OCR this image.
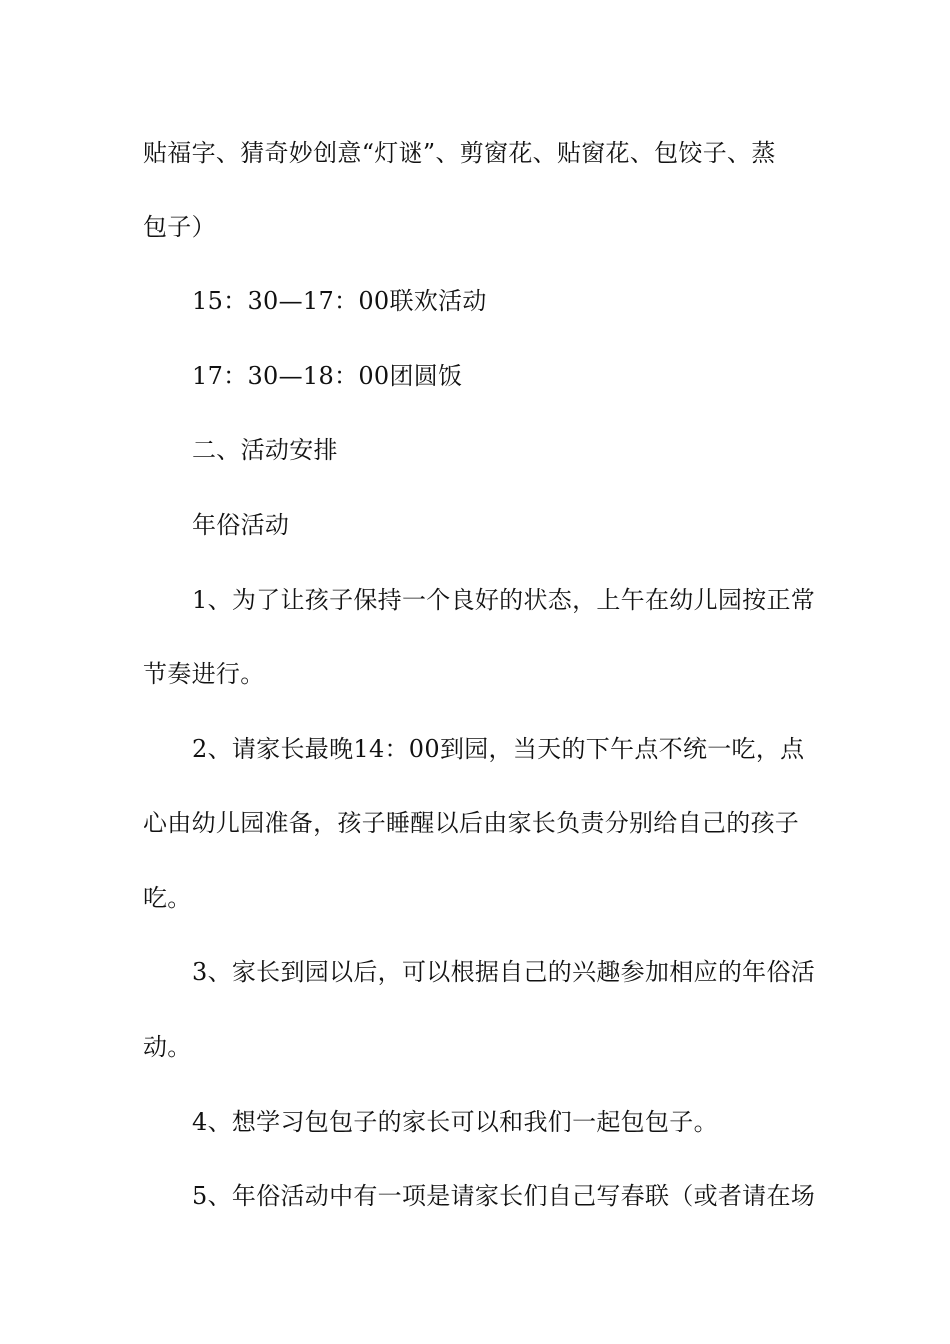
贴福字、猜奇妙创意“灯谜”、剪窗花、贴窗花、包饺子、蒸
包子）
15：30—17：00联欢活动
17：30—18：00团圆饭
二、活动安排
年俗活动
1、为了让孩子保持一个良好的状态，上午在幼儿园按正常
节奏进行。
2、请家长最晚14：00到园，当天的下午点不统一吃，点
心由幼儿园准备，孩子睡醒以后由家长负责分别给自己的孩子
吃。
3、家长到园以后，可以根据自己的兴趣参加相应的年俗活
动。
4、想学习包包子的家长可以和我们一起包包子。
5、年俗活动中有一项是请家长们自己写春联（或者请在场
